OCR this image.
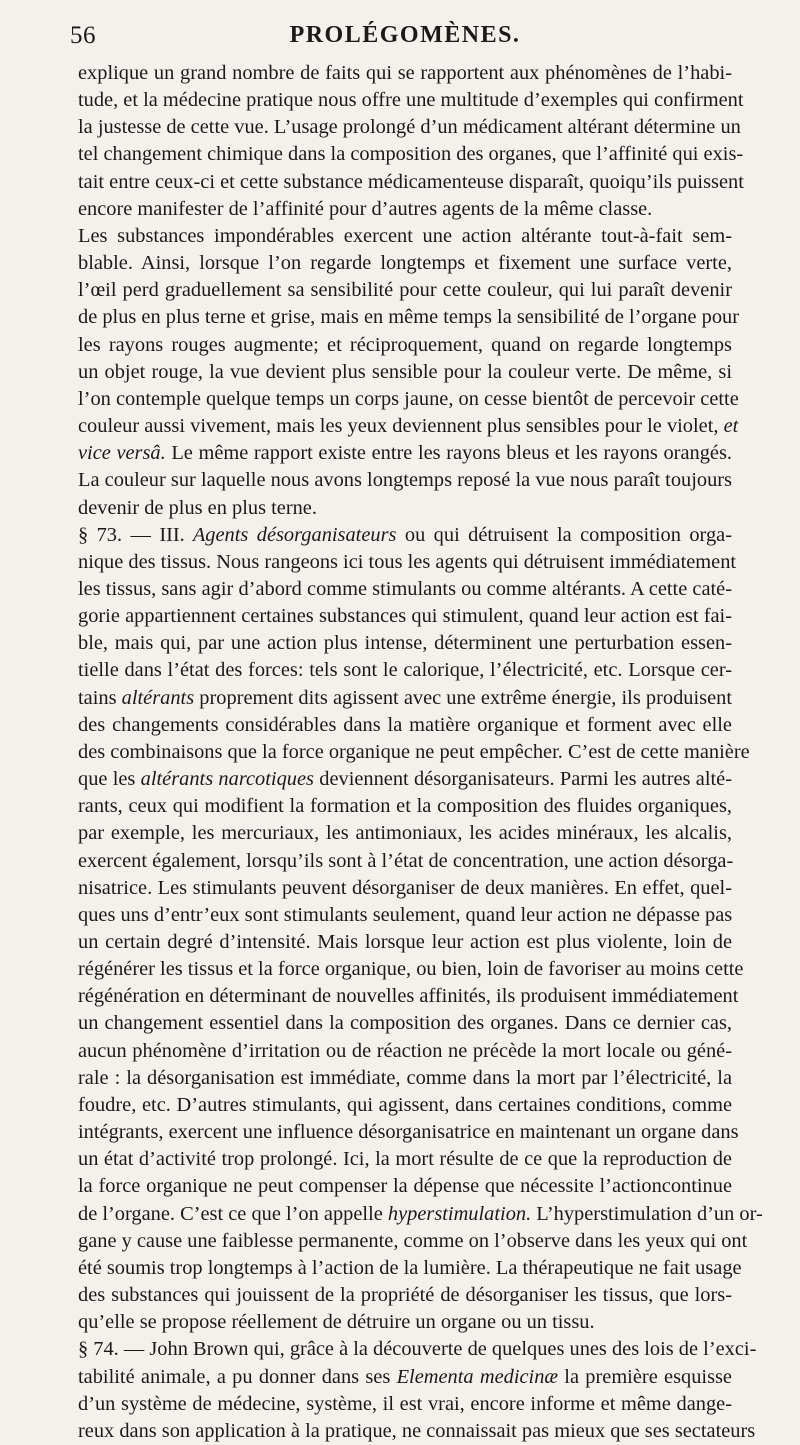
56	PROLÉGOMÈNES.
explique un grand nombre de faits qui se rapportent aux phénomènes de l’habi-
tude, et la médecine pratique nous offre une multitude d’exemples qui confirment
la justesse de cette vue. L’usage prolongé d’un médicament altérant détermine un
tel changement chimique dans la composition des organes, que l’affinité qui exis-
tait entre ceux-ci et cette substance médicamenteuse disparaît, quoiqu’ils puissent
encore manifester de l’affinité pour d’autres agents de la même classe.
Les substances impondérables exercent une action altérante tout-à-fait sem-
blable. Ainsi, lorsque l’on regarde longtemps et fixement une surface verte,
l’œil perd graduellement sa sensibilité pour cette couleur, qui lui paraît devenir
de plus en plus terne et grise, mais en même temps la sensibilité de l’organe pour
les rayons rouges augmente; et réciproquement, quand on regarde longtemps
un objet rouge, la vue devient plus sensible pour la couleur verte. De même, si
l’on contemple quelque temps un corps jaune, on cesse bientôt de percevoir cette
couleur aussi vivement, mais les yeux deviennent plus sensibles pour le violet, et
vice versâ. Le même rapport existe entre les rayons bleus et les rayons orangés.
La couleur sur laquelle nous avons longtemps reposé la vue nous paraît toujours
devenir de plus en plus terne.
§ 73. — III. Agents désorganisateurs ou qui détruisent la composition orga-
nique des tissus. Nous rangeons ici tous les agents qui détruisent immédiatement
les tissus, sans agir d’abord comme stimulants ou comme altérants. A cette caté-
gorie appartiennent certaines substances qui stimulent, quand leur action est fai-
ble, mais qui, par une action plus intense, déterminent une perturbation essen-
tielle dans l’état des forces: tels sont le calorique, l’électricité, etc. Lorsque cer-
tains altérants proprement dits agissent avec une extrême énergie, ils produisent
des changements considérables dans la matière organique et forment avec elle
des combinaisons que la force organique ne peut empêcher. C’est de cette manière
que les altérants narcotiques deviennent désorganisateurs. Parmi les autres alté-
rants, ceux qui modifient la formation et la composition des fluides organiques,
par exemple, les mercuriaux, les antimoniaux, les acides minéraux, les alcalis,
exercent également, lorsqu’ils sont à l’état de concentration, une action désorga-
nisatrice. Les stimulants peuvent désorganiser de deux manières. En effet, quel-
ques uns d’entr’eux sont stimulants seulement, quand leur action ne dépasse pas
un certain degré d’intensité. Mais lorsque leur action est plus violente, loin de
régénérer les tissus et la force organique, ou bien, loin de favoriser au moins cette
régénération en déterminant de nouvelles affinités, ils produisent immédiatement
un changement essentiel dans la composition des organes. Dans ce dernier cas,
aucun phénomène d’irritation ou de réaction ne précède la mort locale ou géné-
rale : la désorganisation est immédiate, comme dans la mort par l’électricité, la
foudre, etc. D’autres stimulants, qui agissent, dans certaines conditions, comme
intégrants, exercent une influence désorganisatrice en maintenant un organe dans
un état d’activité trop prolongé. Ici, la mort résulte de ce que la reproduction de
la force organique ne peut compenser la dépense que nécessite l’actioncontinue
de l’organe. C’est ce que l’on appelle hyperstimulation. L’hyperstimulation d’un or-
gane y cause une faiblesse permanente, comme on l’observe dans les yeux qui ont
été soumis trop longtemps à l’action de la lumière. La thérapeutique ne fait usage
des substances qui jouissent de la propriété de désorganiser les tissus, que lors-
qu’elle se propose réellement de détruire un organe ou un tissu.
§ 74. — John Brown qui, grâce à la découverte de quelques unes des lois de l’exci-
tabilité animale, a pu donner dans ses Elementa medicinæ la première esquisse
d’un système de médecine, système, il est vrai, encore informe et même dange-
reux dans son application à la pratique, ne connaissait pas mieux que ses sectateurs
